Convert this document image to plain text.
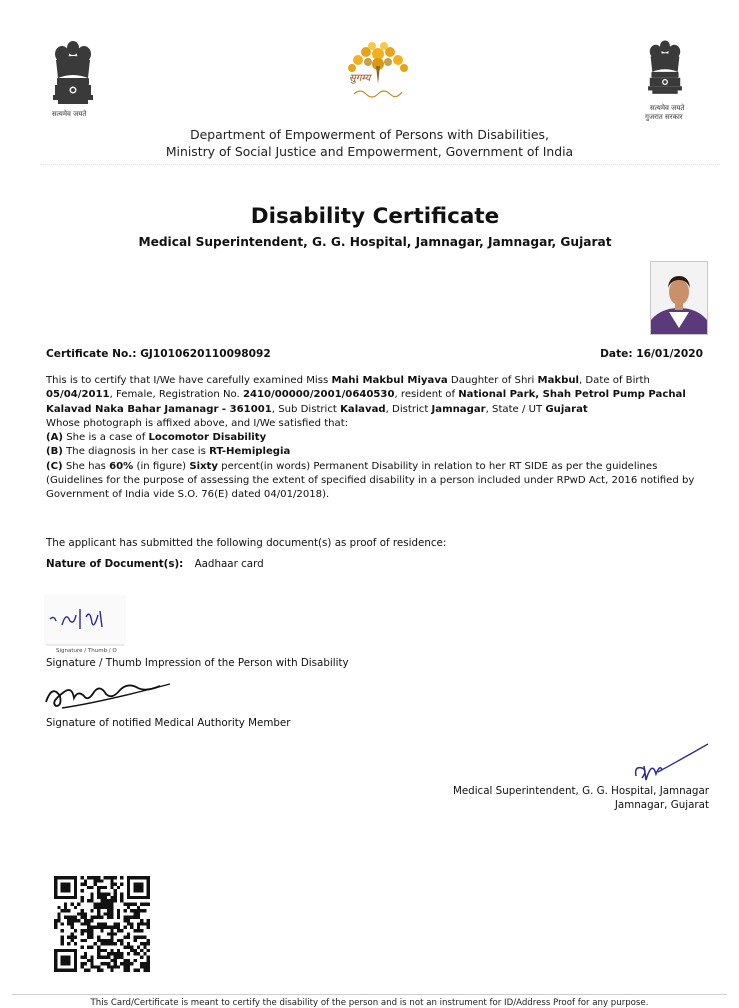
सत्यमेव जयते
सुगम्य
सत्यमेव जयते
गुजरात सरकार
Department of Empowerment of Persons with Disabilities,
Ministry of Social Justice and Empowerment, Government of India
Disability Certificate
Medical Superintendent, G. G. Hospital, Jamnagar, Jamnagar, Gujarat
Certificate No.: GJ1010620110098092	Date: 16/01/2020

This is to certify that I/We have carefully examined Miss Mahi Makbul Miyava Daughter of Shri Makbul, Date of Birth 05/04/2011, Female, Registration No. 2410/00000/2001/0640530, resident of National Park, Shah Petrol Pump Pachal Kalavad Naka Bahar Jamanagr - 361001, Sub District Kalavad, District Jamnagar, State / UT Gujarat

Whose photograph is affixed above, and I/We satisfied that:

(A) She is a case of Locomotor Disability

(B) The diagnosis in her case is RT-Hemiplegia

(C) She has 60% (in figure) Sixty percent(in words) Permanent Disability in relation to her RT SIDE as per the guidelines (Guidelines for the purpose of assessing the extent of specified disability in a person included under RPwD Act, 2016 notified by Government of India vide S.O. 76(E) dated 04/01/2018).

The applicant has submitted the following document(s) as proof of residence:
Nature of Document(s): Aadhaar card
Signature / Thumb / O
Signature / Thumb Impression of the Person with Disability
Signature of notified Medical Authority Member
Medical Superintendent, G. G. Hospital, Jamnagar
Jamnagar, Gujarat
This Card/Certificate is meant to certify the disability of the person and is not an instrument for ID/Address Proof for any purpose.
